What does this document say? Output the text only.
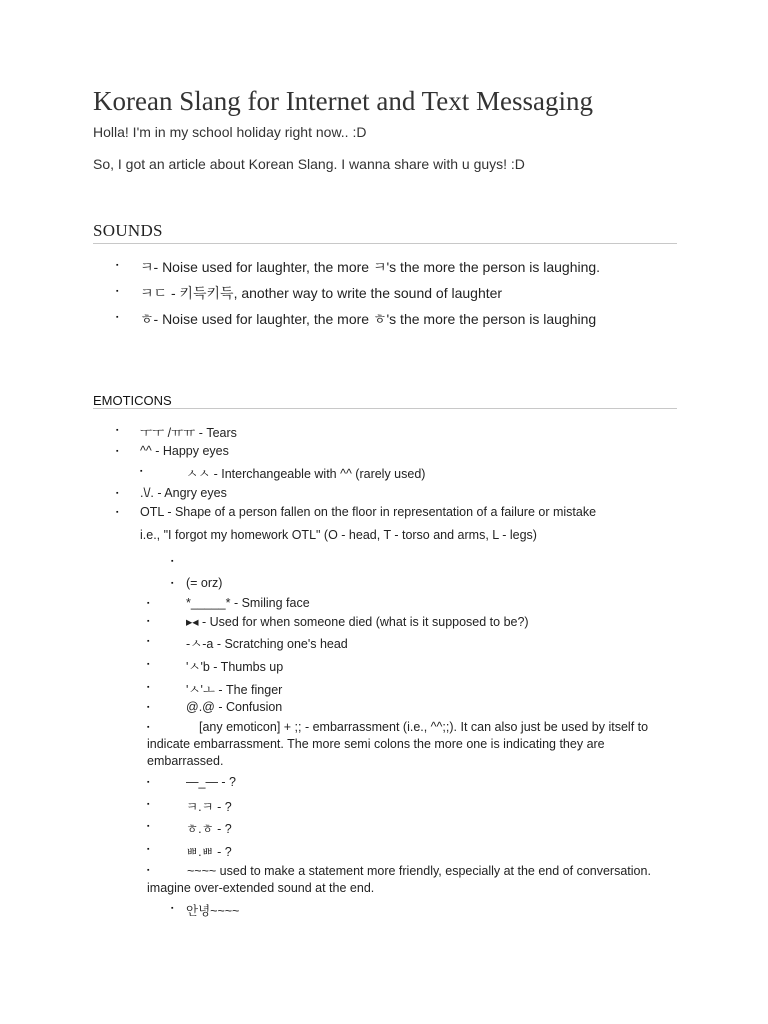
Korean Slang for Internet and Text Messaging
Holla! I'm in my school holiday right now.. :D
So, I got an article about Korean Slang. I wanna share with u guys! :D
SOUNDS
▪ ㅋ- Noise used for laughter, the more ㅋ's the more the person is laughing.
▪ ㅋㄷ - 키득키득, another way to write the sound of laughter
▪ ㅎ- Noise used for laughter, the more ㅎ's the more the person is laughing
EMOTICONS
▪ ㅜㅜ /ㅠㅠ - Tears
▪ ^^ - Happy eyes
▪	ㅅㅅ - Interchangeable with ^^ (rarely used)
▪ .\/. - Angry eyes
▪ OTL - Shape of a person fallen on the floor in representation of a failure or mistake
i.e., "I forgot my homework OTL" (O - head, T - torso and arms, L - legs)
▪
▪ (= orz)
▪	*_____* - Smiling face
▪	▸◂ - Used for when someone died (what is it supposed to be?)
▪	-ㅅ-a - Scratching one's head
▪	'ㅅ'b - Thumbs up
▪	'ㅅ'ㅗ - The finger
▪	@.@ - Confusion
▪	[any emoticon] + ;; - embarrassment (i.e., ^^;;). It can also just be used by itself to indicate embarrassment. The more semi colons the more one is indicating they are embarrassed.
▪	—_— - ?
▪	ㅋ.ㅋ - ?
▪	ㅎ.ㅎ - ?
▪	ㅃ.ㅃ - ?
▪	~~~~ used to make a statement more friendly, especially at the end of conversation. imagine over-extended sound at the end.
▪ 안녕~~~~
